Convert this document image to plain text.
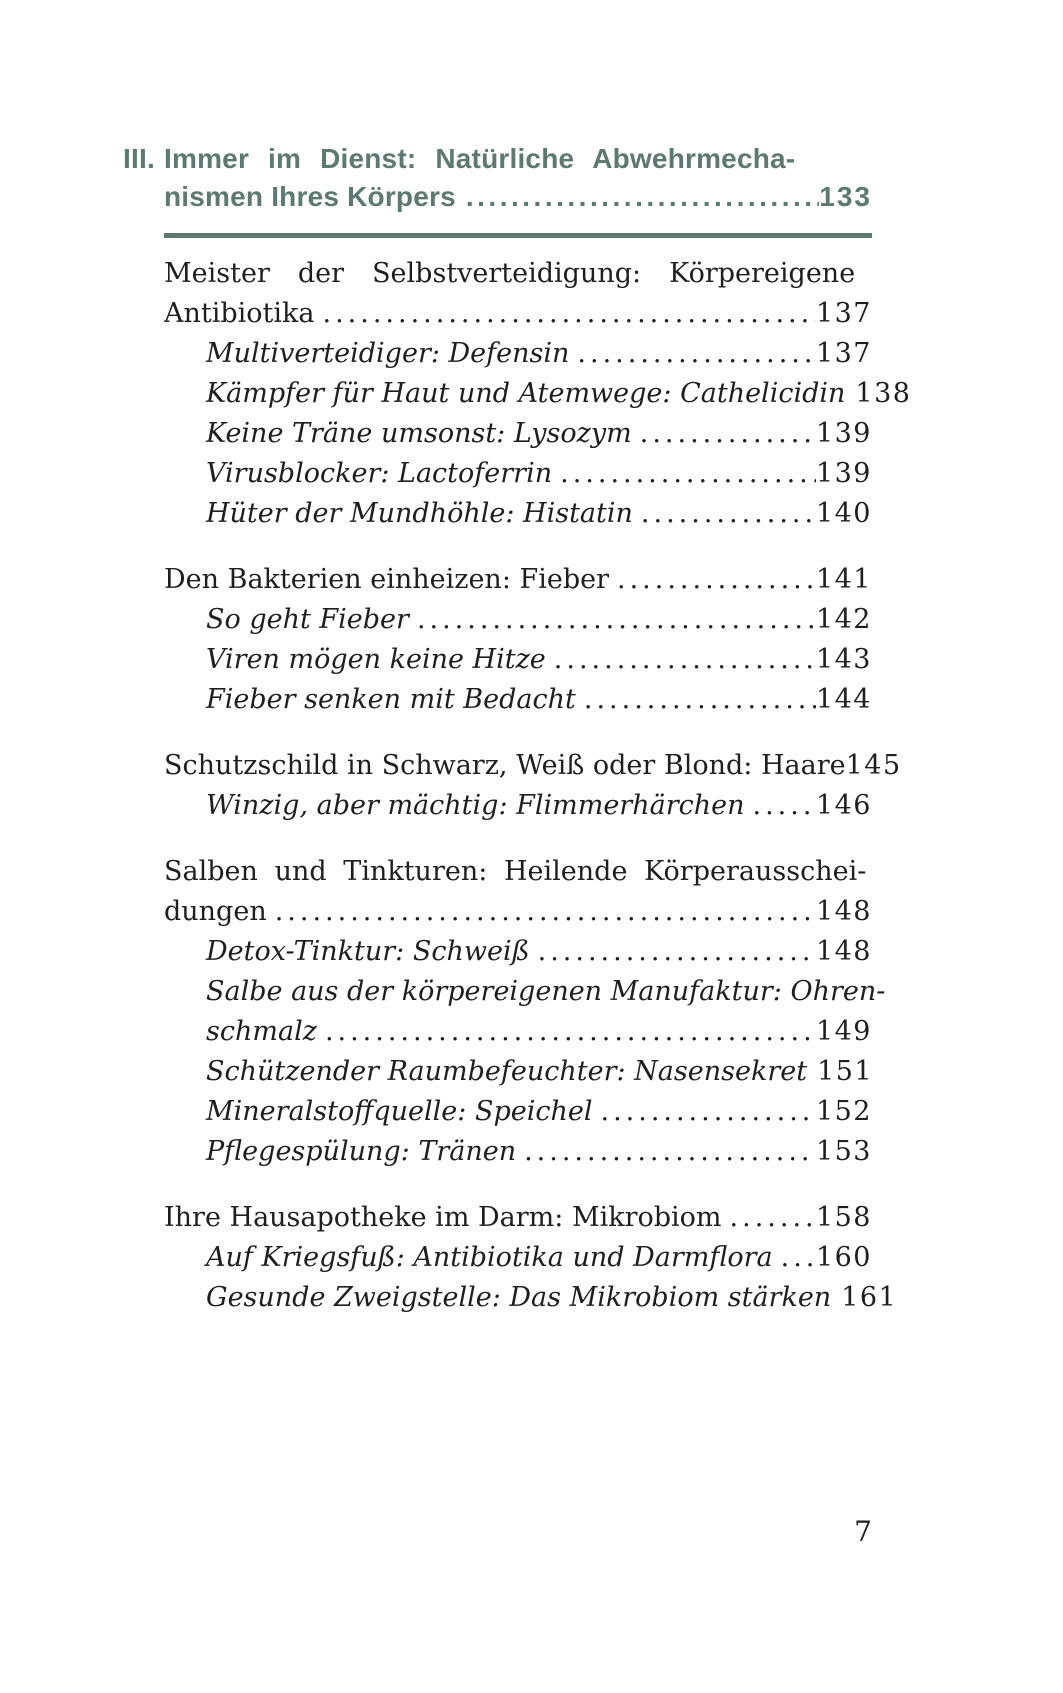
III. Immer im Dienst: Natürliche Abwehrmecha-
nismen Ihres Körpers .....	133
Meister der Selbstverteidigung: Körpereigene
Antibiotika .....	137
Multiverteidiger: Defensin .....	137
Kämpfer für Haut und Atemwege: Cathelicidin ..... 138
Keine Träne umsonst: Lysozym .....	139
Virusblocker: Lactoferrin .....	139
Hüter der Mundhöhle: Histatin .....	140
Den Bakterien einheizen: Fieber .....	141
So geht Fieber .....	142
Viren mögen keine Hitze .....	143
Fieber senken mit Bedacht .....	144
Schutzschild in Schwarz, Weiß oder Blond: Haare 145
Winzig, aber mächtig: Flimmerhärchen .....	146
Salben und Tinkturen: Heilende Körperausschei-
dungen .....	148
Detox-Tinktur: Schweiß .....	148
Salbe aus der körpereigenen Manufaktur: Ohren-
schmalz .....	149
Schützender Raumbefeuchter: Nasensekret ..... 151
Mineralstoffquelle: Speichel .....	152
Pflegespülung: Tränen .....	153
Ihre Hausapotheke im Darm: Mikrobiom .....	158
Auf Kriegsfuß: Antibiotika und Darmflora ..... 160
Gesunde Zweigstelle: Das Mikrobiom stärken ..... 161
7
